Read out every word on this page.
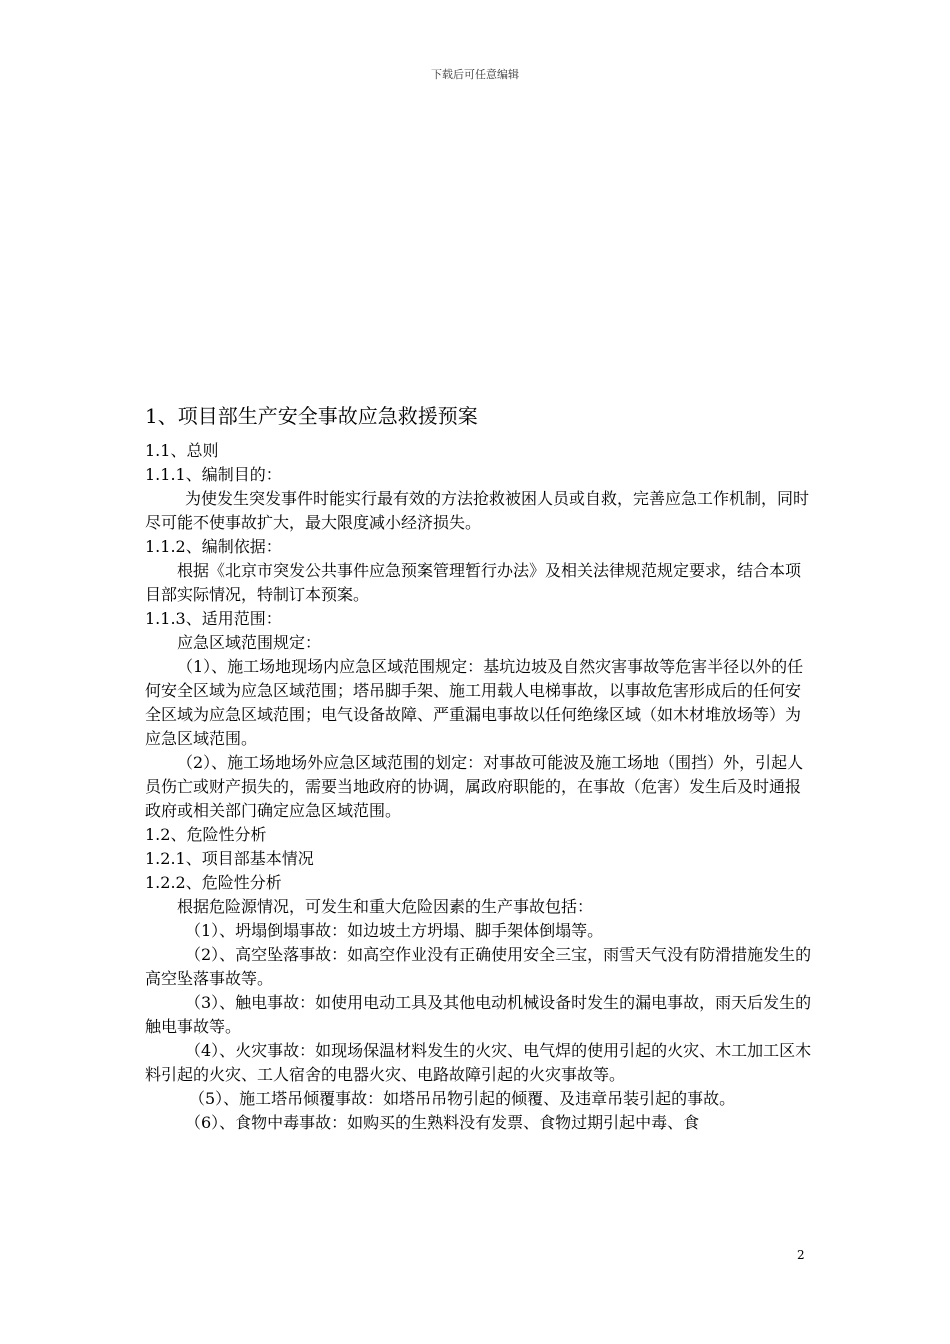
下载后可任意编辑
1、项目部生产安全事故应急救援预案

1.1、总则

1.1.1、编制目的：

为使发生突发事件时能实行最有效的方法抢救被困人员或自救，完善应急工作机制，同时尽可能不使事故扩大，最大限度减小经济损失。

1.1.2、编制依据：

根据《北京市突发公共事件应急预案管理暂行办法》及相关法律规范规定要求，结合本项目部实际情况，特制订本预案。

1.1.3、适用范围：

应急区域范围规定：

（1）、施工场地现场内应急区域范围规定：基坑边坡及自然灾害事故等危害半径以外的任何安全区域为应急区域范围；塔吊脚手架、施工用载人电梯事故，以事故危害形成后的任何安全区域为应急区域范围；电气设备故障、严重漏电事故以任何绝缘区域（如木材堆放场等）为应急区域范围。

（2）、施工场地场外应急区域范围的划定：对事故可能波及施工场地（围挡）外，引起人员伤亡或财产损失的，需要当地政府的协调，属政府职能的，在事故（危害）发生后及时通报政府或相关部门确定应急区域范围。

1.2、危险性分析

1.2.1、项目部基本情况

1.2.2、危险性分析

根据危险源情况，可发生和重大危险因素的生产事故包括：

（1）、坍塌倒塌事故：如边坡土方坍塌、脚手架体倒塌等。

（2）、高空坠落事故：如高空作业没有正确使用安全三宝，雨雪天气没有防滑措施发生的高空坠落事故等。

（3）、触电事故：如使用电动工具及其他电动机械设备时发生的漏电事故，雨天后发生的触电事故等。

（4）、火灾事故：如现场保温材料发生的火灾、电气焊的使用引起的火灾、木工加工区木料引起的火灾、工人宿舍的电器火灾、电路故障引起的火灾事故等。

（5）、施工塔吊倾覆事故：如塔吊吊物引起的倾覆、及违章吊装引起的事故。

（6）、食物中毒事故：如购买的生熟料没有发票、食物过期引起中毒、食

2
